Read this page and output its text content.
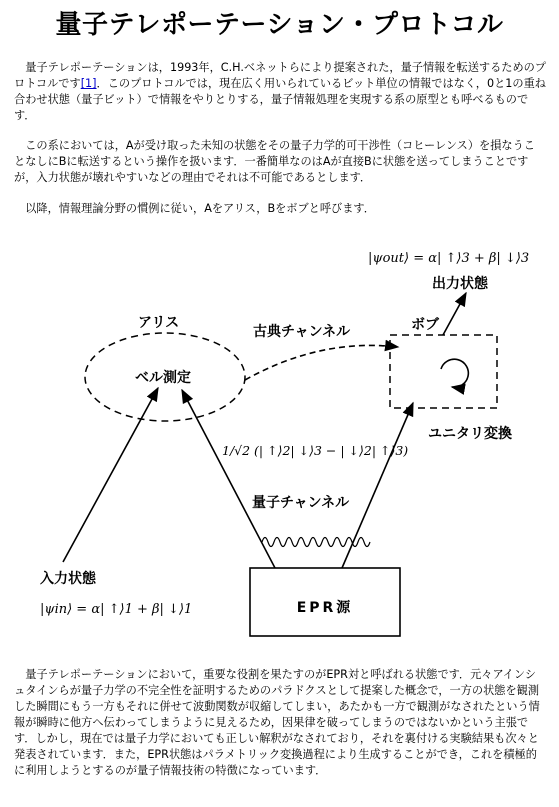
量子テレポーテーション・プロトコル

　量子テレポーテーションは，1993年，C.H.ベネットらにより提案された，量子情報を転送するためのプロトコルです[1]．このプロトコルでは，現在広く用いられているビット単位の情報ではなく，0と1の重ね合わせ状態（量子ビット）で情報をやりとりする，量子情報処理を実現する系の原型とも呼べるものです．

　この系においては，Aが受け取った未知の状態をその量子力学的可干渉性（コヒーレンス）を損なうことなしにBに転送するという操作を扱います．一番簡単なのはAが直接Bに状態を送ってしまうことですが，入力状態が壊れやすいなどの理由でそれは不可能であるとします．

　以降，情報理論分野の慣例に従い，Aをアリス，Bをボブと呼びます．

|ψout⟩ = α| ↑⟩3 + β| ↓⟩3
出力状態
アリス
ベル測定
古典チャンネル	ボブ
ユニタリ変換
1/√2 (| ↑⟩2| ↓⟩3 − | ↓⟩2| ↑⟩3)
量子チャンネル
入力状態
|ψin⟩ = α| ↑⟩1 + β| ↓⟩1	EPR源

　量子テレポーテーションにおいて，重要な役割を果たすのがEPR対と呼ばれる状態です．元々アインシュタインらが量子力学の不完全性を証明するためのパラドクスとして提案した概念で，一方の状態を観測した瞬間にもう一方もそれに併せて波動関数が収縮してしまい，あたかも一方で観測がなされたという情報が瞬時に他方へ伝わってしまうように見えるため，因果律を破ってしまうのではないかという主張です．しかし，現在では量子力学においても正しい解釈がなされており，それを裏付ける実験結果も次々と発表されています．また，EPR状態はパラメトリック変換過程により生成することができ，これを積極的に利用しようとするのが量子情報技術の特徴になっています．
